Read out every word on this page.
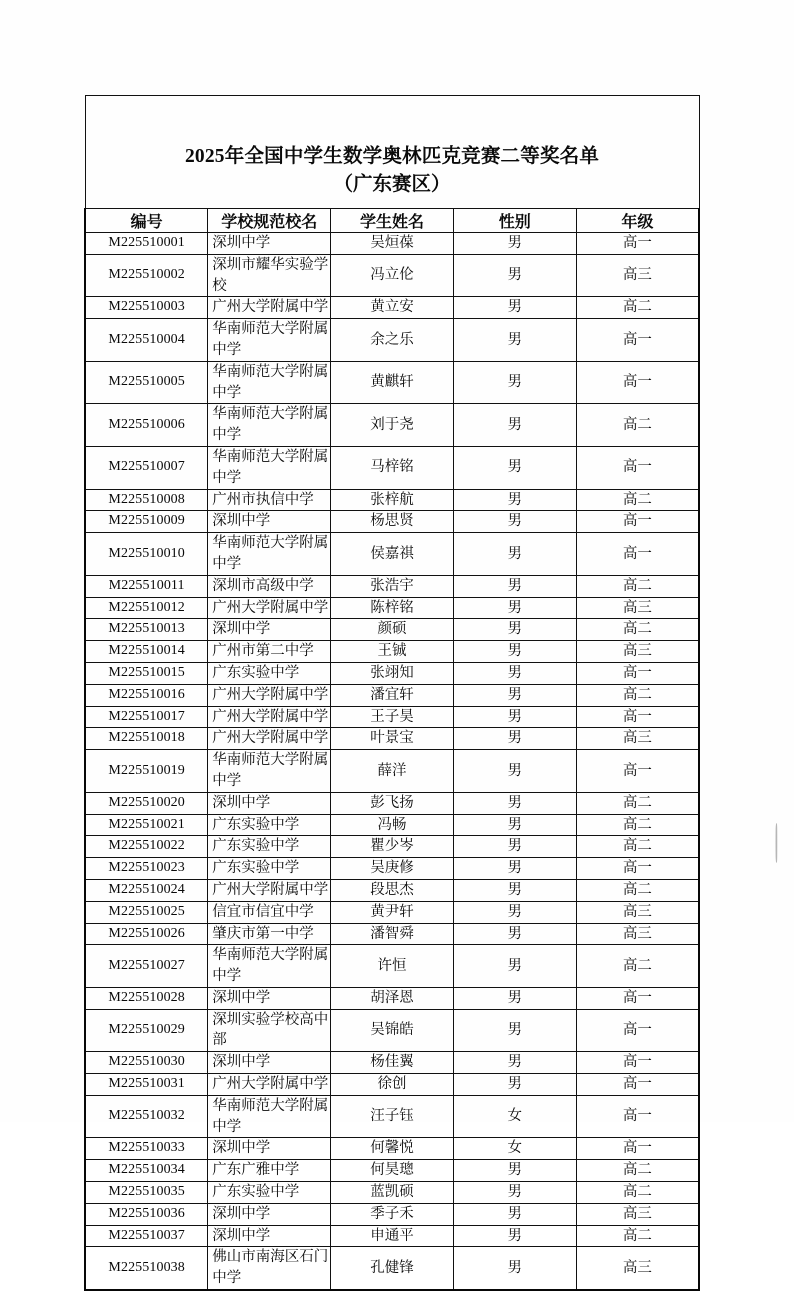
2025年全国中学生数学奥林匹克竞赛二等奖名单
（广东赛区）				

编号	学校规范校名	学生姓名	性别	年级
M225510001	深圳中学	吴烜葆	男	高一
M225510002	深圳市耀华实验学校	冯立伦	男	高三
M225510003	广州大学附属中学	黄立安	男	高二
M225510004	华南师范大学附属中学	余之乐	男	高一
M225510005	华南师范大学附属中学	黄麒轩	男	高一
M225510006	华南师范大学附属中学	刘于尧	男	高二
M225510007	华南师范大学附属中学	马梓铭	男	高一
M225510008	广州市执信中学	张梓航	男	高二
M225510009	深圳中学	杨思贤	男	高一
M225510010	华南师范大学附属中学	侯嘉祺	男	高一
M225510011	深圳市高级中学	张浩宇	男	高二
M225510012	广州大学附属中学	陈梓铭	男	高三
M225510013	深圳中学	颜硕	男	高二
M225510014	广州市第二中学	王铖	男	高三
M225510015	广东实验中学	张翊知	男	高一
M225510016	广州大学附属中学	潘宜轩	男	高二
M225510017	广州大学附属中学	王子昊	男	高一
M225510018	广州大学附属中学	叶景宝	男	高三
M225510019	华南师范大学附属中学	薛洋	男	高一
M225510020	深圳中学	彭飞扬	男	高二
M225510021	广东实验中学	冯畅	男	高二
M225510022	广东实验中学	瞿少岑	男	高二
M225510023	广东实验中学	吴庚修	男	高一
M225510024	广州大学附属中学	段思杰	男	高二
M225510025	信宜市信宜中学	黄尹轩	男	高三
M225510026	肇庆市第一中学	潘智舜	男	高三
M225510027	华南师范大学附属中学	许恒	男	高二
M225510028	深圳中学	胡泽恩	男	高一
M225510029	深圳实验学校高中部	吴锦皓	男	高一
M225510030	深圳中学	杨佳翼	男	高一
M225510031	广州大学附属中学	徐创	男	高一
M225510032	华南师范大学附属中学	汪子钰	女	高一
M225510033	深圳中学	何馨悦	女	高一
M225510034	广东广雅中学	何昊璁	男	高二
M225510035	广东实验中学	蓝凯硕	男	高二
M225510036	深圳中学	季子禾	男	高三
M225510037	深圳中学	申通平	男	高二
M225510038	佛山市南海区石门中学	孔健锋	男	高三
